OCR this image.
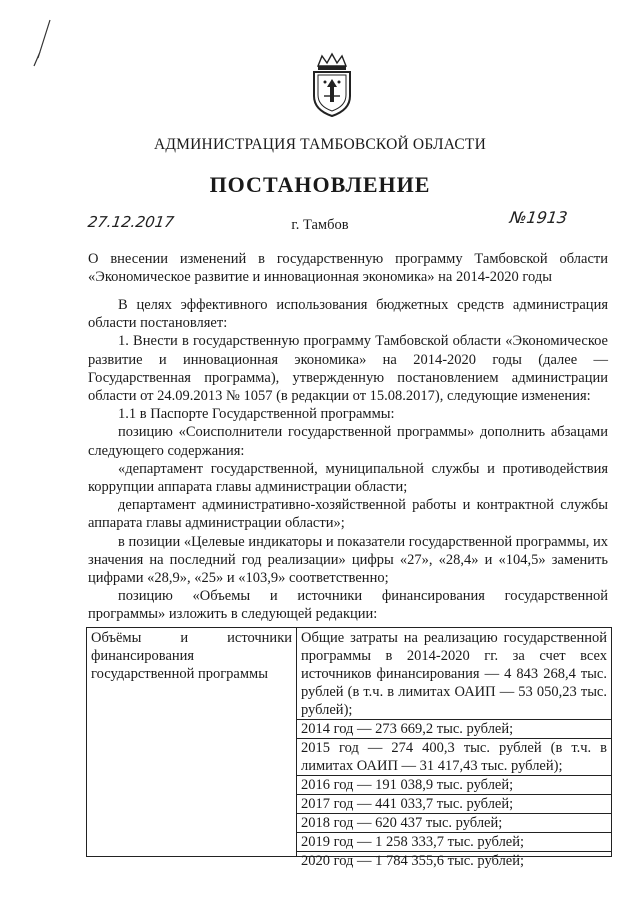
АДМИНИСТРАЦИЯ ТАМБОВСКОЙ ОБЛАСТИ
ПОСТАНОВЛЕНИЕ
27.12.2017	г. Тамбов	№1913
О внесении изменений в государственную программу Тамбовской области «Экономическое развитие и инновационная экономика» на 2014-2020 годы

В целях эффективного использования бюджетных средств администрация области постановляет:

1. Внести в государственную программу Тамбовской области «Экономическое развитие и инновационная экономика» на 2014-2020 годы (далее — Государственная программа), утвержденную постановлением администрации области от 24.09.2013 № 1057 (в редакции от 15.08.2017), следующие изменения:

1.1 в Паспорте Государственной программы:

позицию «Соисполнители государственной программы» дополнить абзацами следующего содержания:

«департамент государственной, муниципальной службы и противодействия коррупции аппарата главы администрации области;

департамент административно-хозяйственной работы и контрактной службы аппарата главы администрации области»;

в позиции «Целевые индикаторы и показатели государственной программы, их значения на последний год реализации» цифры «27», «28,4» и «104,5» заменить цифрами «28,9», «25» и «103,9» соответственно;

позицию «Объемы и источники финансирования государственной программы» изложить в следующей редакции:

Объёмы и источники финансирования государственной программы

Общие затраты на реализацию государственной программы в 2014-2020 гг. за счет всех источников финансирования — 4 843 268,4 тыс. рублей (в т.ч. в лимитах ОАИП — 53 050,23 тыс. рублей);

2014 год — 273 669,2 тыс. рублей;

2015 год — 274 400,3 тыс. рублей (в т.ч. в лимитах ОАИП — 31 417,43 тыс. рублей);

2016 год — 191 038,9 тыс. рублей;

2017 год — 441 033,7 тыс. рублей;

2018 год — 620 437 тыс. рублей;

2019 год — 1 258 333,7 тыс. рублей;

2020 год — 1 784 355,6 тыс. рублей;
